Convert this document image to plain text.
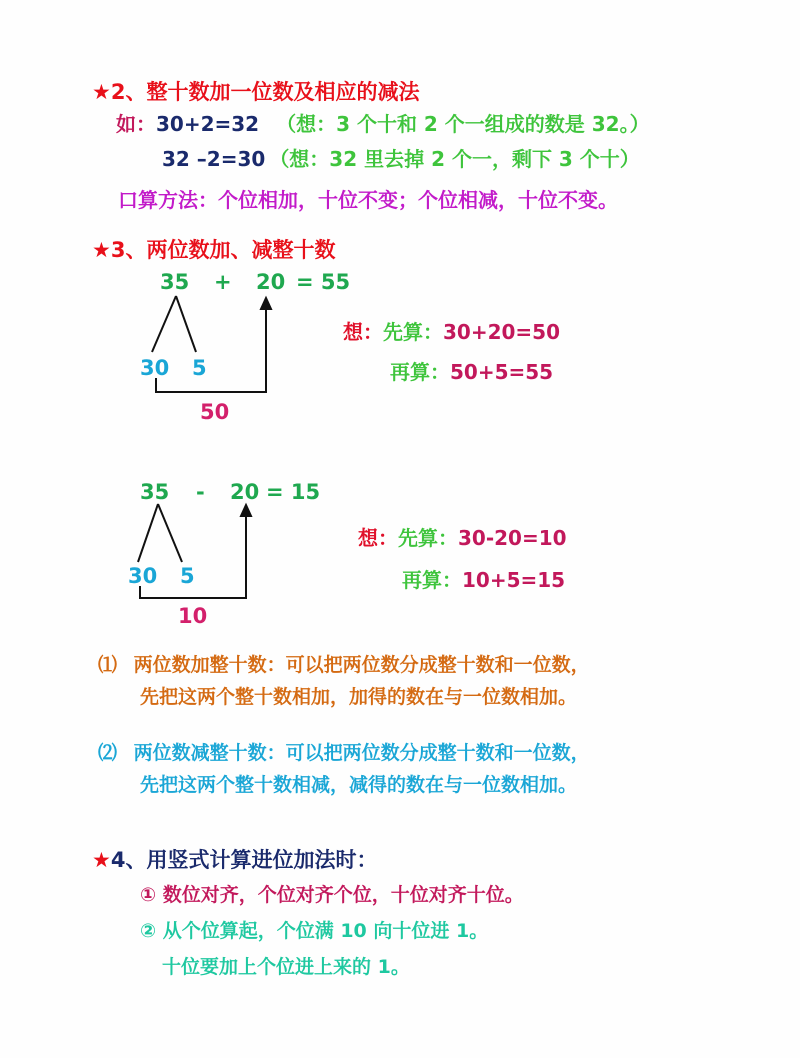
★2、整十数加一位数及相应的减法
如：30+2=32 （想：3 个十和 2 个一组成的数是 32。）
32 –2=30 （想：32 里去掉 2 个一，剩下 3 个十）
口算方法：个位相加，十位不变；个位相减，十位不变。
★3、两位数加、减整十数
35 + 20 = 55
30 5
50
想：先算：30+20=50
再算：50+5=55
35 - 20 = 15
30 5
10
想：先算：30-20=10
再算：10+5=15
⑴ 两位数加整十数：可以把两位数分成整十数和一位数，
先把这两个整十数相加，加得的数在与一位数相加。
⑵ 两位数减整十数：可以把两位数分成整十数和一位数，
先把这两个整十数相减，减得的数在与一位数相加。
★4、用竖式计算进位加法时：
① 数位对齐，个位对齐个位，十位对齐十位。
② 从个位算起，个位满 10 向十位进 1。
十位要加上个位进上来的 1。
